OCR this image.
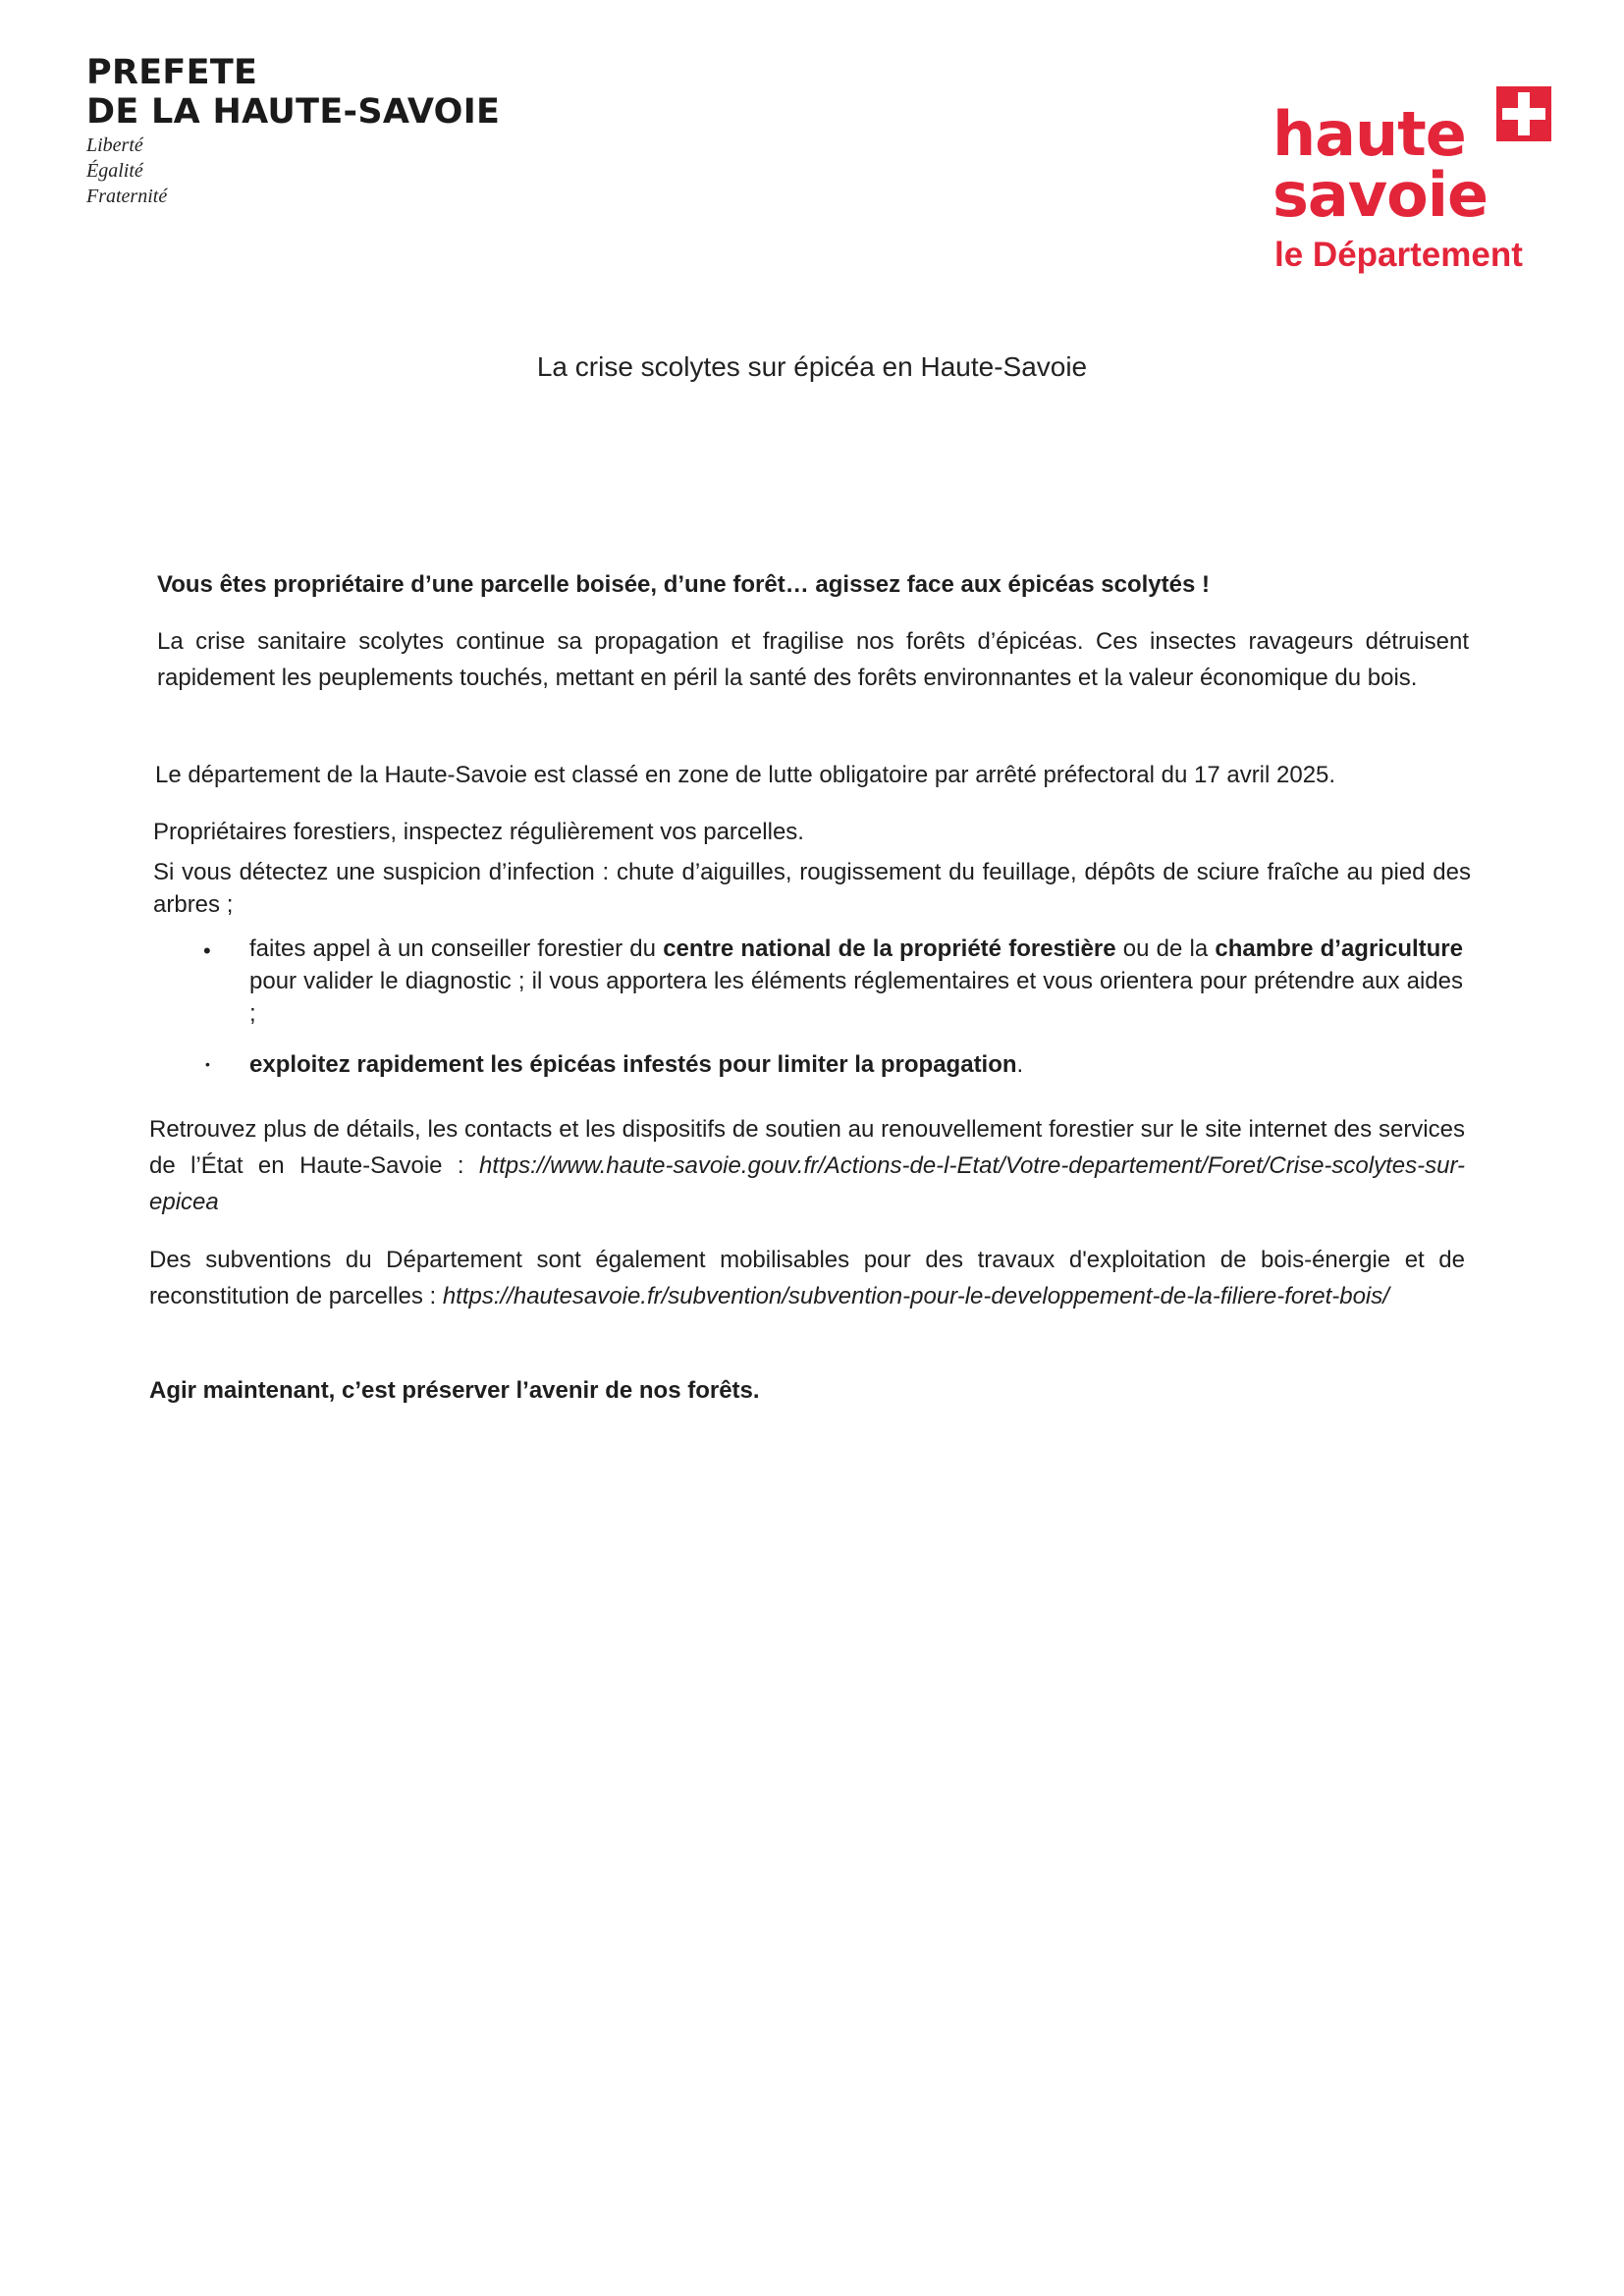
PREFETE
DE LA HAUTE-SAVOIE
Liberté
Égalité
Fraternité
haute
savoie
le Département
La crise scolytes sur épicéa en Haute-Savoie

Vous êtes propriétaire d’une parcelle boisée, d’une forêt… agissez face aux épicéas scolytés !

La crise sanitaire scolytes continue sa propagation et fragilise nos forêts d’épicéas. Ces insectes ravageurs détruisent rapidement les peuplements touchés, mettant en péril la santé des forêts environnantes et la valeur économique du bois.

Le département de la Haute-Savoie est classé en zone de lutte obligatoire par arrêté préfectoral du 17 avril 2025.

Propriétaires forestiers, inspectez régulièrement vos parcelles.

Si vous détectez une suspicion d’infection : chute d’aiguilles, rougissement du feuillage, dépôts de sciure fraîche au pied des arbres ;

• faites appel à un conseiller forestier du centre national de la propriété forestière ou de la chambre d’agriculture pour valider le diagnostic ; il vous apportera les éléments réglementaires et vous orientera pour prétendre aux aides ;

• exploitez rapidement les épicéas infestés pour limiter la propagation.

Retrouvez plus de détails, les contacts et les dispositifs de soutien au renouvellement forestier sur le site internet des services de l’État en Haute-Savoie : https://www.haute-savoie.gouv.fr/Actions-de-l-Etat/Votre-departement/Foret/Crise-scolytes-sur-epicea

Des subventions du Département sont également mobilisables pour des travaux d'exploitation de bois-énergie et de reconstitution de parcelles : https://hautesavoie.fr/subvention/subvention-pour-le-developpement-de-la-filiere-foret-bois/

Agir maintenant, c’est préserver l’avenir de nos forêts.
